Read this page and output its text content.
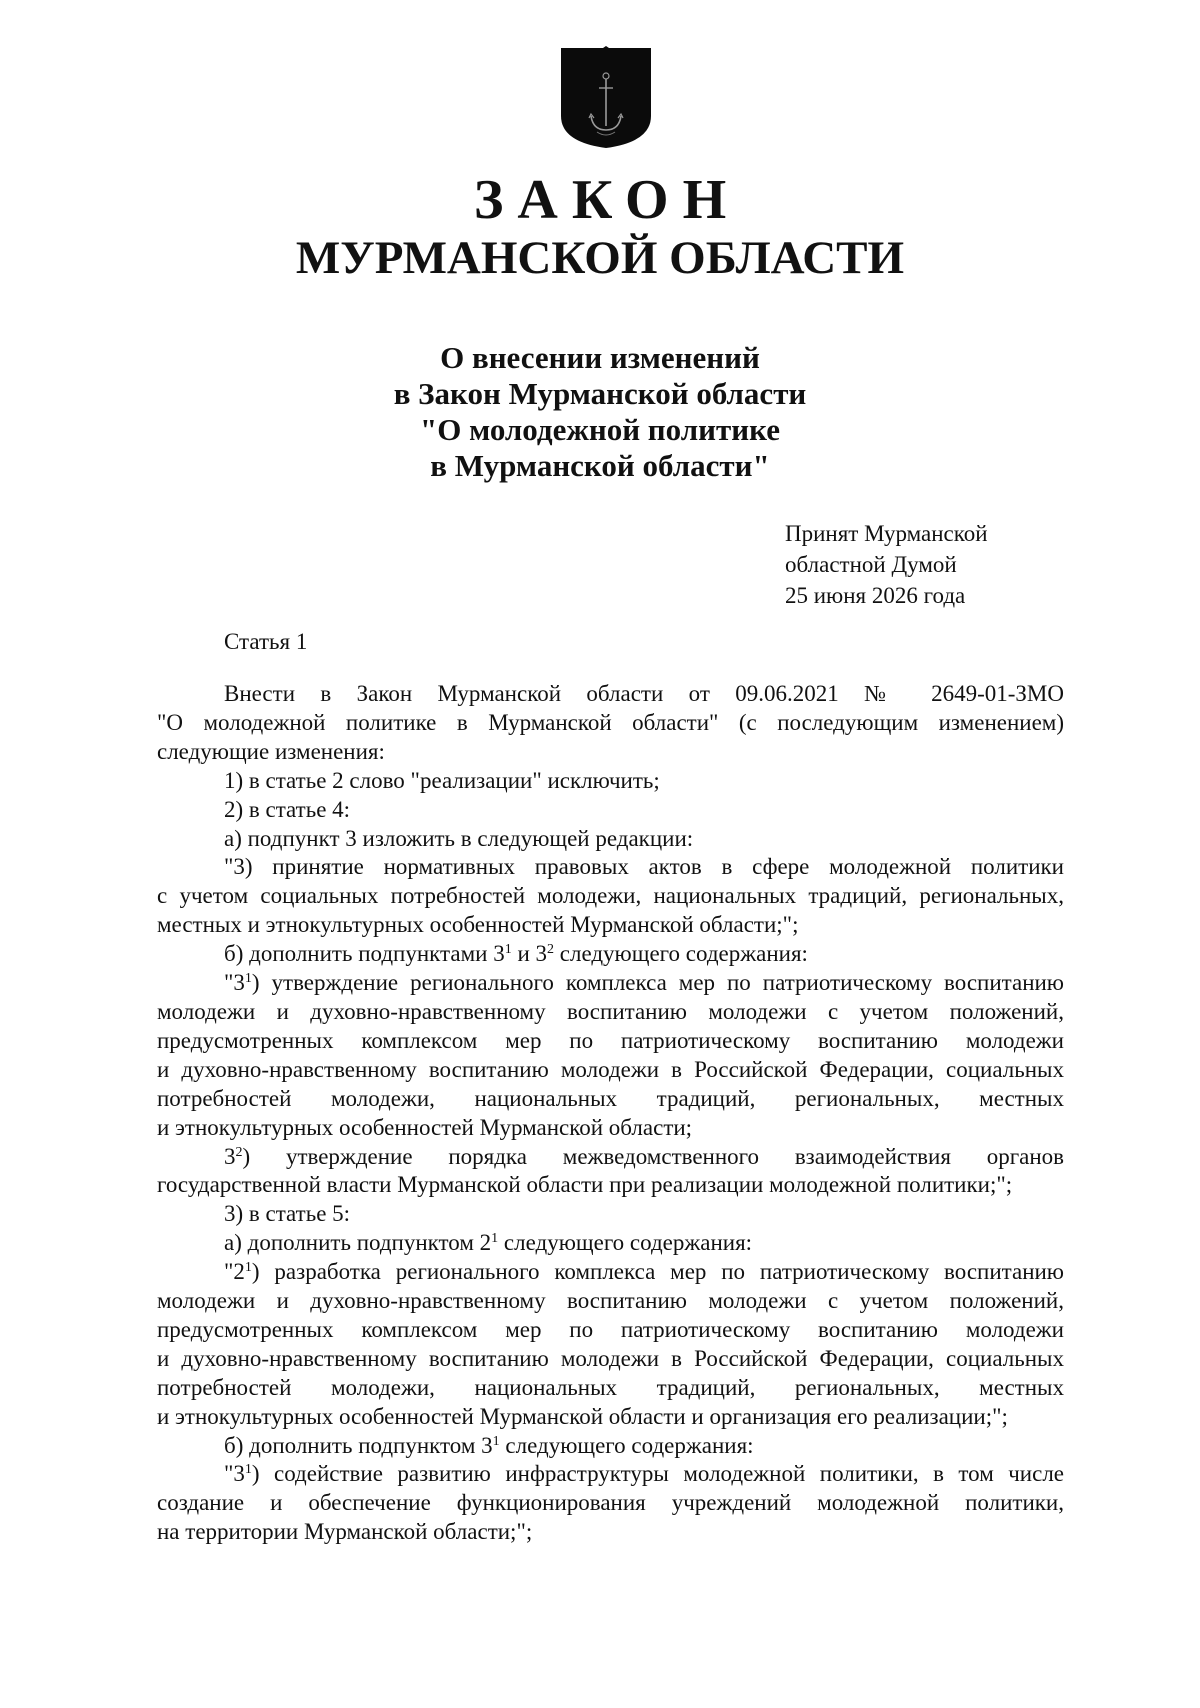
ЗАКОН
МУРМАНСКОЙ ОБЛАСТИ
О внесении изменений
в Закон Мурманской области
"О молодежной политике
в Мурманской области"
Принят Мурманской
областной Думой
25 июня 2026 года
Статья 1

Внести в Закон Мурманской области от 09.06.2021 № 2649-01-ЗМО

"О молодежной политике в Мурманской области" (с последующим изменением)

следующие изменения:

1) в статье 2 слово "реализации" исключить;

2) в статье 4:

а) подпункт 3 изложить в следующей редакции:

"3) принятие нормативных правовых актов в сфере молодежной политики

с учетом социальных потребностей молодежи, национальных традиций, региональных,

местных и этнокультурных особенностей Мурманской области;";

б) дополнить подпунктами $3^1$ и $3^2$ следующего содержания:

"$3^1$) утверждение регионального комплекса мер по патриотическому воспитанию

молодежи и духовно-нравственному воспитанию молодежи с учетом положений,

предусмотренных комплексом мер по патриотическому воспитанию молодежи

и духовно-нравственному воспитанию молодежи в Российской Федерации, социальных

потребностей молодежи, национальных традиций, региональных, местных

и этнокультурных особенностей Мурманской области;

$3^2$) утверждение порядка межведомственного взаимодействия органов

государственной власти Мурманской области при реализации молодежной политики;";

3) в статье 5:

а) дополнить подпунктом $2^1$ следующего содержания:

"$2^1$) разработка регионального комплекса мер по патриотическому воспитанию

молодежи и духовно-нравственному воспитанию молодежи с учетом положений,

предусмотренных комплексом мер по патриотическому воспитанию молодежи

и духовно-нравственному воспитанию молодежи в Российской Федерации, социальных

потребностей молодежи, национальных традиций, региональных, местных

и этнокультурных особенностей Мурманской области и организация его реализации;";

б) дополнить подпунктом $3^1$ следующего содержания:

"$3^1$) содействие развитию инфраструктуры молодежной политики, в том числе

создание и обеспечение функционирования учреждений молодежной политики,

на территории Мурманской области;";
